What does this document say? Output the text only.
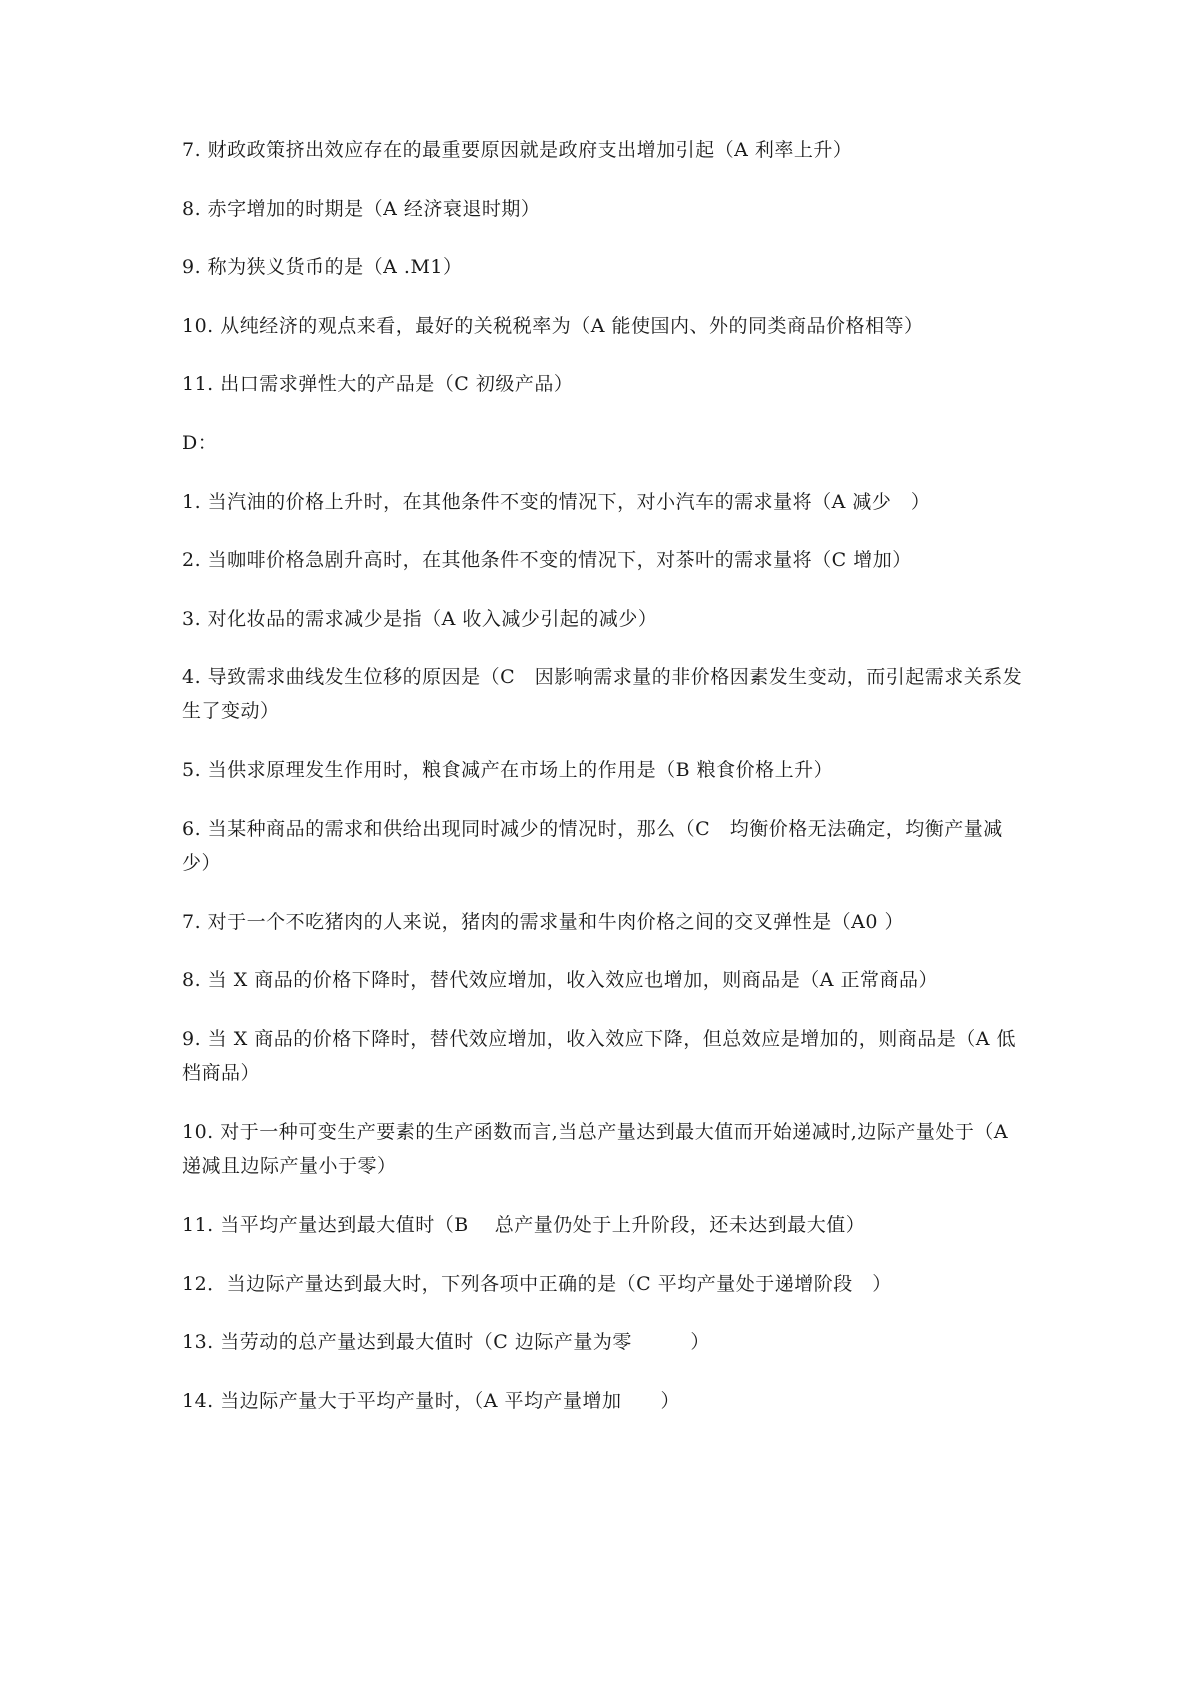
7. 财政政策挤出效应存在的最重要原因就是政府支出增加引起（A 利率上升）
8. 赤字增加的时期是（A 经济衰退时期）
9. 称为狭义货币的是（A .M1）
10. 从纯经济的观点来看，最好的关税税率为（A 能使国内、外的同类商品价格相等）
11. 出口需求弹性大的产品是（C 初级产品）
D：
1. 当汽油的价格上升时，在其他条件不变的情况下，对小汽车的需求量将（A 减少　）
2. 当咖啡价格急剧升高时，在其他条件不变的情况下，对茶叶的需求量将（C 增加）
3. 对化妆品的需求减少是指（A 收入减少引起的减少）
4. 导致需求曲线发生位移的原因是（C　因影响需求量的非价格因素发生变动，而引起需求关系发生了变动）
5. 当供求原理发生作用时，粮食减产在市场上的作用是（B 粮食价格上升）
6. 当某种商品的需求和供给出现同时减少的情况时，那么（C　均衡价格无法确定，均衡产量减少）
7. 对于一个不吃猪肉的人来说，猪肉的需求量和牛肉价格之间的交叉弹性是（A0 ）
8. 当 X 商品的价格下降时，替代效应增加，收入效应也增加，则商品是（A 正常商品）
9. 当 X 商品的价格下降时，替代效应增加，收入效应下降，但总效应是增加的，则商品是（A 低档商品）
10. 对于一种可变生产要素的生产函数而言,当总产量达到最大值而开始递减时,边际产量处于（A 递减且边际产量小于零）
11. 当平均产量达到最大值时（B　 总产量仍处于上升阶段，还未达到最大值）
12．当边际产量达到最大时，下列各项中正确的是（C 平均产量处于递增阶段　）
13. 当劳动的总产量达到最大值时（C 边际产量为零　　　）
14. 当边际产量大于平均产量时，（A 平均产量增加　　）
